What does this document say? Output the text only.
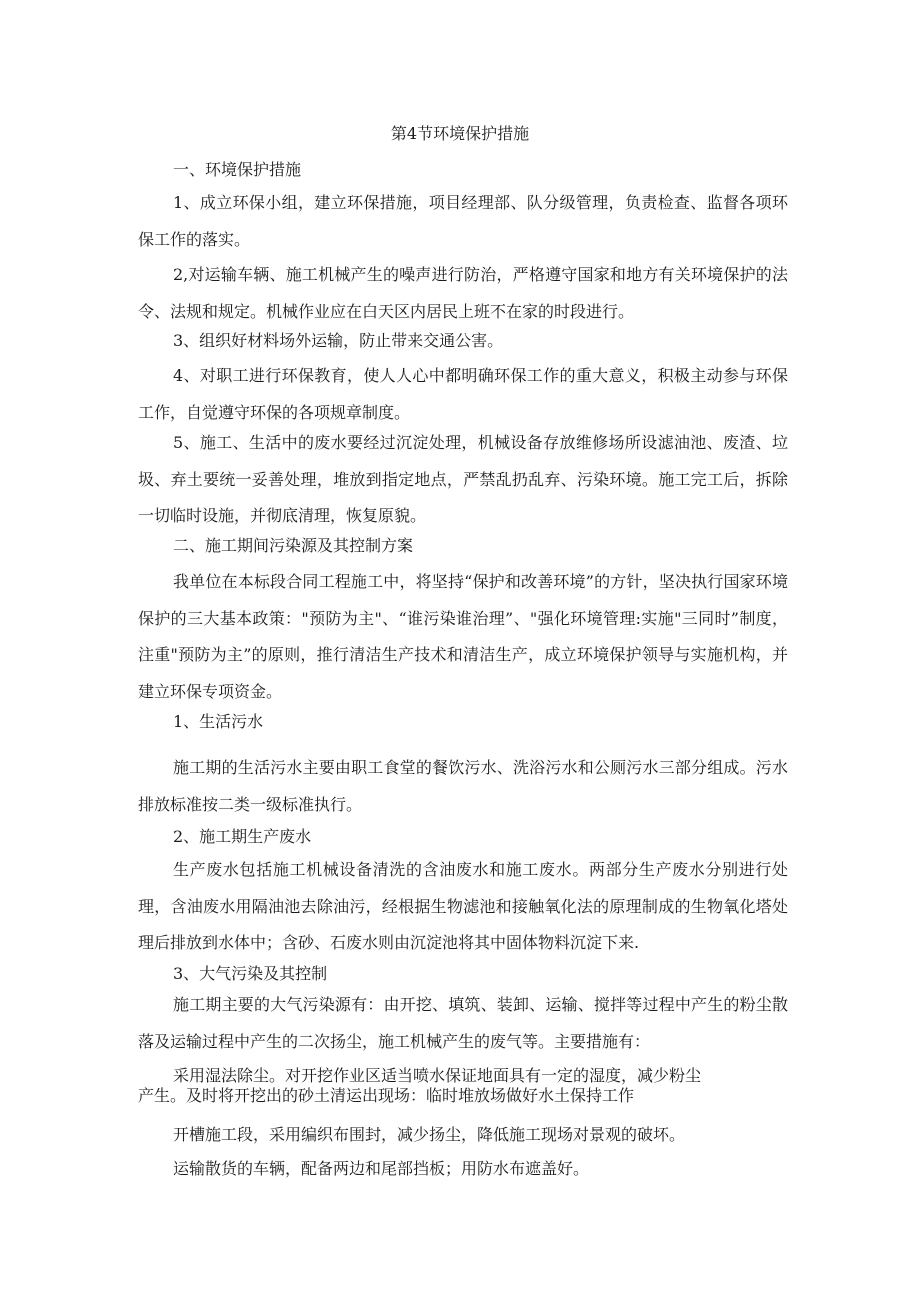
第4节环境保护措施

一、环境保护措施

1、成立环保小组，建立环保措施，项目经理部、队分级管理，负责检查、监督各项环保工作的落实。

2,对运输车辆、施工机械产生的噪声进行防治，严格遵守国家和地方有关环境保护的法令、法规和规定。机械作业应在白天区内居民上班不在家的时段进行。

3、组织好材料场外运输，防止带来交通公害。

4、对职工进行环保教育，使人人心中都明确环保工作的重大意义，积极主动参与环保工作，自觉遵守环保的各项规章制度。

5、施工、生活中的废水要经过沉淀处理，机械设备存放维修场所设滤油池、废渣、垃圾、弃土要统一妥善处理，堆放到指定地点，严禁乱扔乱弃、污染环境。施工完工后，拆除一切临时设施，并彻底清理，恢复原貌。

二、施工期间污染源及其控制方案

我单位在本标段合同工程施工中，将坚持“保护和改善环境”的方针，坚决执行国家环境保护的三大基本政策："预防为主"、“谁污染谁治理”、"强化环境管理:实施"三同时”制度，注重"预防为主”的原则，推行清洁生产技术和清洁生产，成立环境保护领导与实施机构，并建立环保专项资金。

1、生活污水

施工期的生活污水主要由职工食堂的餐饮污水、洗浴污水和公厕污水三部分组成。污水排放标准按二类一级标准执行。

2、施工期生产废水

生产废水包括施工机械设备清洗的含油废水和施工废水。两部分生产废水分别进行处理，含油废水用隔油池去除油污，经根据生物滤池和接触氧化法的原理制成的生物氧化塔处理后排放到水体中；含砂、石废水则由沉淀池将其中固体物料沉淀下来.

3、大气污染及其控制

施工期主要的大气污染源有：由开挖、填筑、装卸、运输、搅拌等过程中产生的粉尘散落及运输过程中产生的二次扬尘，施工机械产生的废气等。主要措施有：

采用湿法除尘。对开挖作业区适当喷水保证地面具有一定的湿度，减少粉尘
产生。及时将开挖出的砂土清运出现场：临时堆放场做好水土保持工作

开槽施工段，采用编织布围封，减少扬尘，降低施工现场对景观的破坏。

运输散货的车辆，配备两边和尾部挡板；用防水布遮盖好。
